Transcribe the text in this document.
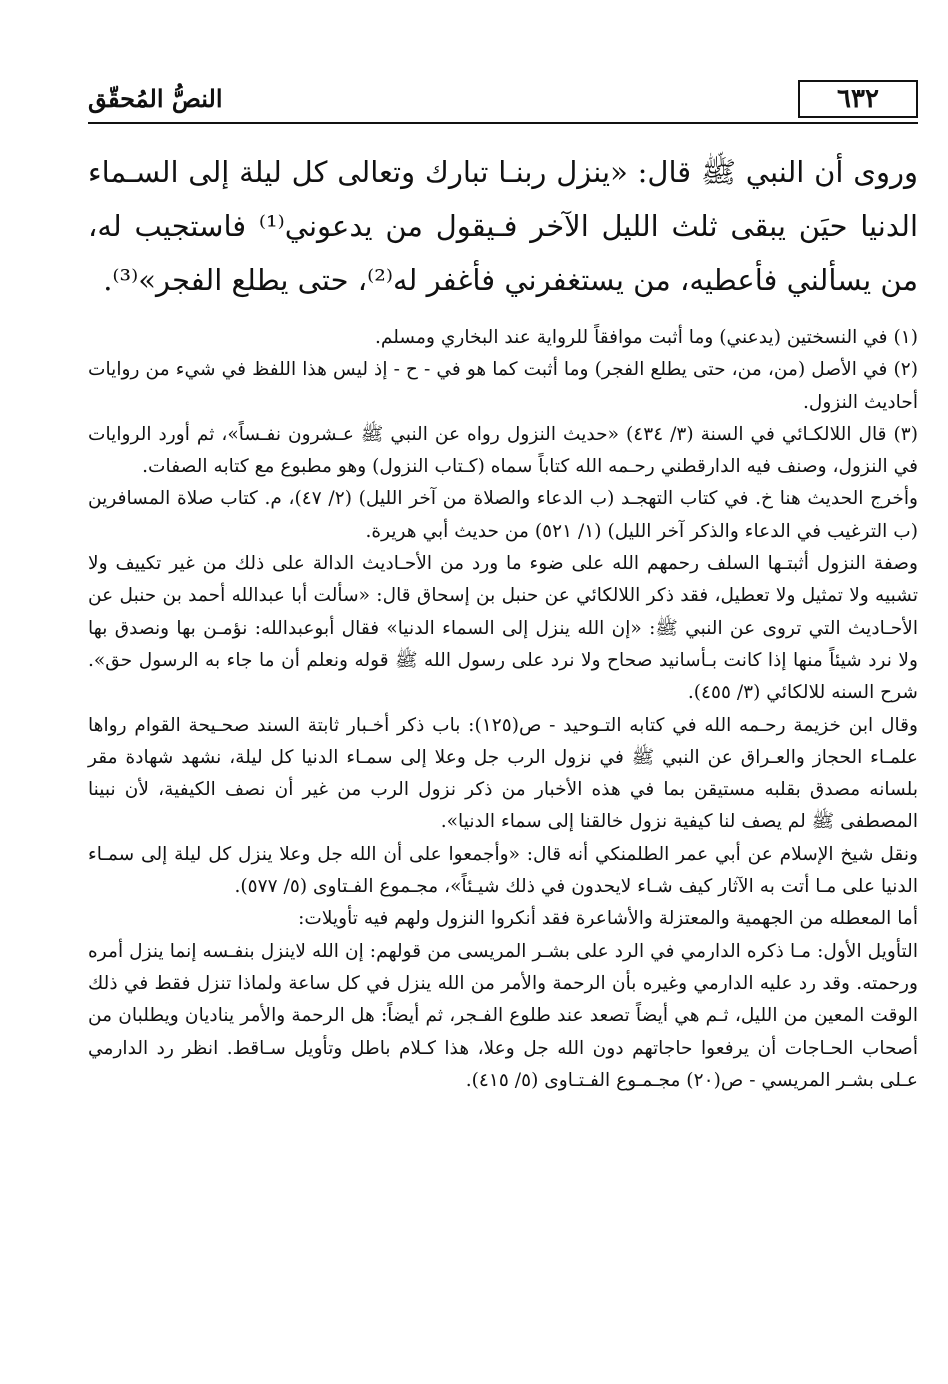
٦٣٢
النصُّ المُحقّق

وروى أن النبي ﷺ قال: «ينزل ربنـا تبارك وتعالى كل ليلة إلى السـماء الدنيا حيَن يبقى ثلث الليل الآخر فـيقول من يدعوني⁽¹⁾ فاستجيب له، من يسألني فأعطيه، من يستغفرني فأغفر له⁽²⁾، حتى يطلع الفجر»⁽³⁾.

(١) في النسختين (يدعني) وما أثبت موافقاً للرواية عند البخاري ومسلم.

(٢) في الأصل (من، من، حتى يطلع الفجر) وما أثبت كما هو في - ح - إذ ليس هذا اللفظ في شيء من روايات أحاديث النزول.

(٣) قال اللالكـائي في السنة (٣/ ٤٣٤) «حديث النزول رواه عن النبي ﷺ عـشرون نفـساً»، ثم أورد الروايات في النزول، وصنف فيه الدارقطني رحـمه الله كتاباً سماه (كـتاب النزول) وهو مطبوع مع كتابه الصفات.

وأخرج الحديث هنا خ. في كتاب التهجـد (ب الدعاء والصلاة من آخر الليل) (٢/ ٤٧)، م. كتاب صلاة المسافرين (ب الترغيب في الدعاء والذكر آخر الليل) (١/ ٥٢١) من حديث أبي هريرة.

وصفة النزول أثبتـها السلف رحمهم الله على ضوء ما ورد من الأحـاديث الدالة على ذلك من غير تكييف ولا تشبيه ولا تمثيل ولا تعطيل، فقد ذكر اللالكائي عن حنبل بن إسحاق قال: «سألت أبا عبدالله أحمد بن حنبل عن الأحـاديث التي تروى عن النبي ﷺ: «إن الله ينزل إلى السماء الدنيا» فقال أبوعبدالله: نؤمـن بها ونصدق بها ولا نرد شيئاً منها إذا كانت بـأسانيد صحاح ولا نرد على رسول الله ﷺ قوله ونعلم أن ما جاء به الرسول حق». شرح السنه للالكائي (٣/ ٤٥٥).

وقال ابن خزيمة رحـمه الله في كتابه التـوحيد - ص(١٢٥): باب ذكر أخـبار ثابتة السند صحـيحة القوام رواها علمـاء الحجاز والعـراق عن النبي ﷺ في نزول الرب جل وعلا إلى سمـاء الدنيا كل ليلة، نشهد شهادة مقر بلسانه مصدق بقلبه مستيقن بما في هذه الأخبار من ذكر نزول الرب من غير أن نصف الكيفية، لأن نبينا المصطفى ﷺ لم يصف لنا كيفية نزول خالقنا إلى سماء الدنيا».

ونقل شيخ الإسلام عن أبي عمر الطلمنكي أنه قال: «وأجمعوا على أن الله جل وعلا ينزل كل ليلة إلى سمـاء الدنيا على مـا أتت به الآثار كيف شـاء لايحدون في ذلك شيـئاً»، مجـموع الفـتاوى (٥/ ٥٧٧).

أما المعطله من الجهمية والمعتزلة والأشاعرة فقد أنكروا النزول ولهم فيه تأويلات:

التأويل الأول: مـا ذكره الدارمي في الرد على بشـر المريسى من قولهم: إن الله لاينزل بنفـسه إنما ينزل أمره ورحمته. وقد رد عليه الدارمي وغيره بأن الرحمة والأمر من الله ينزل في كل ساعة ولماذا تنزل فقط في ذلك الوقت المعين من الليل، ثـم هي أيضاً تصعد عند طلوع الفـجر، ثم أيضاً: هل الرحمة والأمر يناديان ويطلبان من أصحاب الحـاجات أن يرفعوا حاجاتهم دون الله جل وعلا، هذا كـلام باطل وتأويل سـاقط. انظر رد الدارمي عـلى بشـر المريسي - ص(٢٠) مجـمـوع الفـتـاوى (٥/ ٤١٥).
